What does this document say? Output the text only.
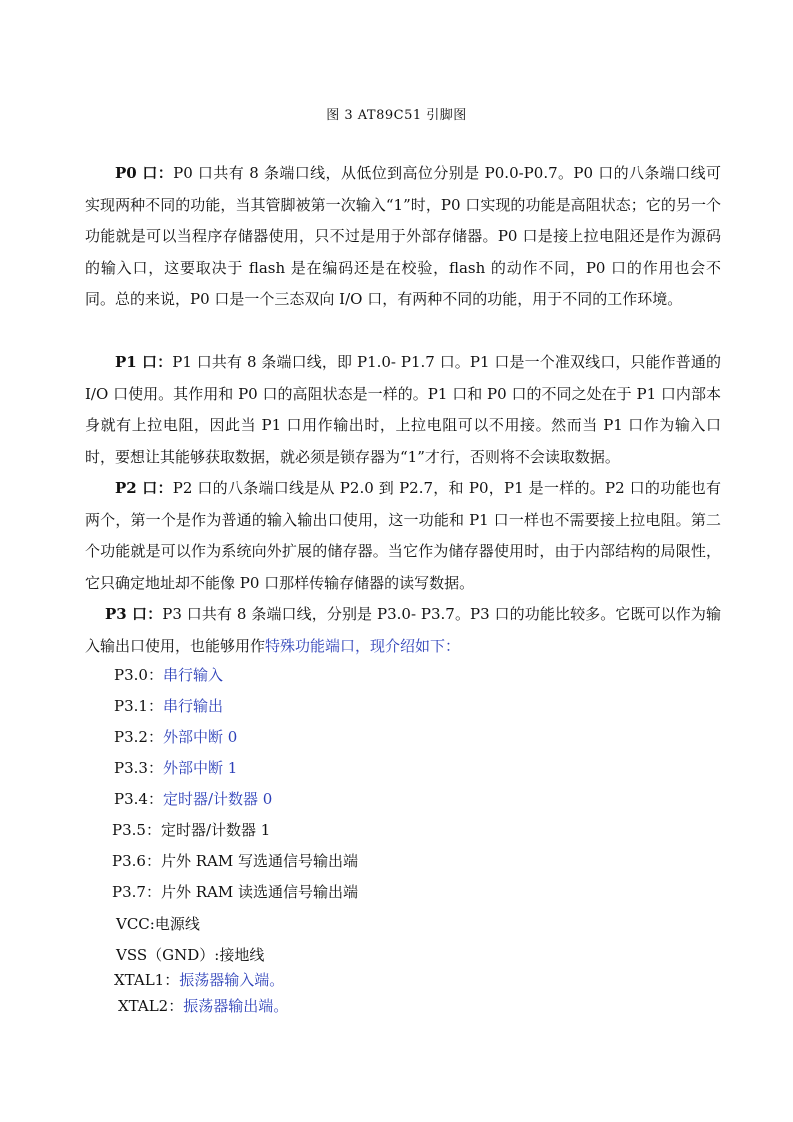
图 3 AT89C51 引脚图

P0 口：P0 口共有 8 条端口线，从低位到高位分别是 P0.0-P0.7。P0 口的八条端口线可实现两种不同的功能，当其管脚被第一次输入“1”时，P0 口实现的功能是高阻状态；它的另一个功能就是可以当程序存储器使用，只不过是用于外部存储器。P0 口是接上拉电阻还是作为源码的输入口，这要取决于 flash 是在编码还是在校验，flash 的动作不同，P0 口的作用也会不同。总的来说，P0 口是一个三态双向 I/O 口，有两种不同的功能，用于不同的工作环境。

P1 口：P1 口共有 8 条端口线，即 P1.0- P1.7 口。P1 口是一个准双线口，只能作普通的 I/O 口使用。其作用和 P0 口的高阻状态是一样的。P1 口和 P0 口的不同之处在于 P1 口内部本身就有上拉电阻，因此当 P1 口用作输出时，上拉电阻可以不用接。然而当 P1 口作为输入口时，要想让其能够获取数据，就必须是锁存器为“1”才行，否则将不会读取数据。

P2 口：P2 口的八条端口线是从 P2.0 到 P2.7，和 P0，P1 是一样的。P2 口的功能也有两个，第一个是作为普通的输入输出口使用，这一功能和 P1 口一样也不需要接上拉电阻。第二个功能就是可以作为系统向外扩展的储存器。当它作为储存器使用时，由于内部结构的局限性，它只确定地址却不能像 P0 口那样传输存储器的读写数据。

P3 口：P3 口共有 8 条端口线，分别是 P3.0- P3.7。P3 口的功能比较多。它既可以作为输入输出口使用，也能够用作特殊功能端口，现介绍如下：

P3.0：串行输入

P3.1：串行输出

P3.2：外部中断 0

P3.3：外部中断 1

P3.4：定时器/计数器 0

P3.5：定时器/计数器 1

P3.6：片外 RAM 写选通信号输出端

P3.7：片外 RAM 读选通信号输出端

VCC:电源线

VSS（GND）:接地线

XTAL1：振荡器输入端。

XTAL2：振荡器输出端。
